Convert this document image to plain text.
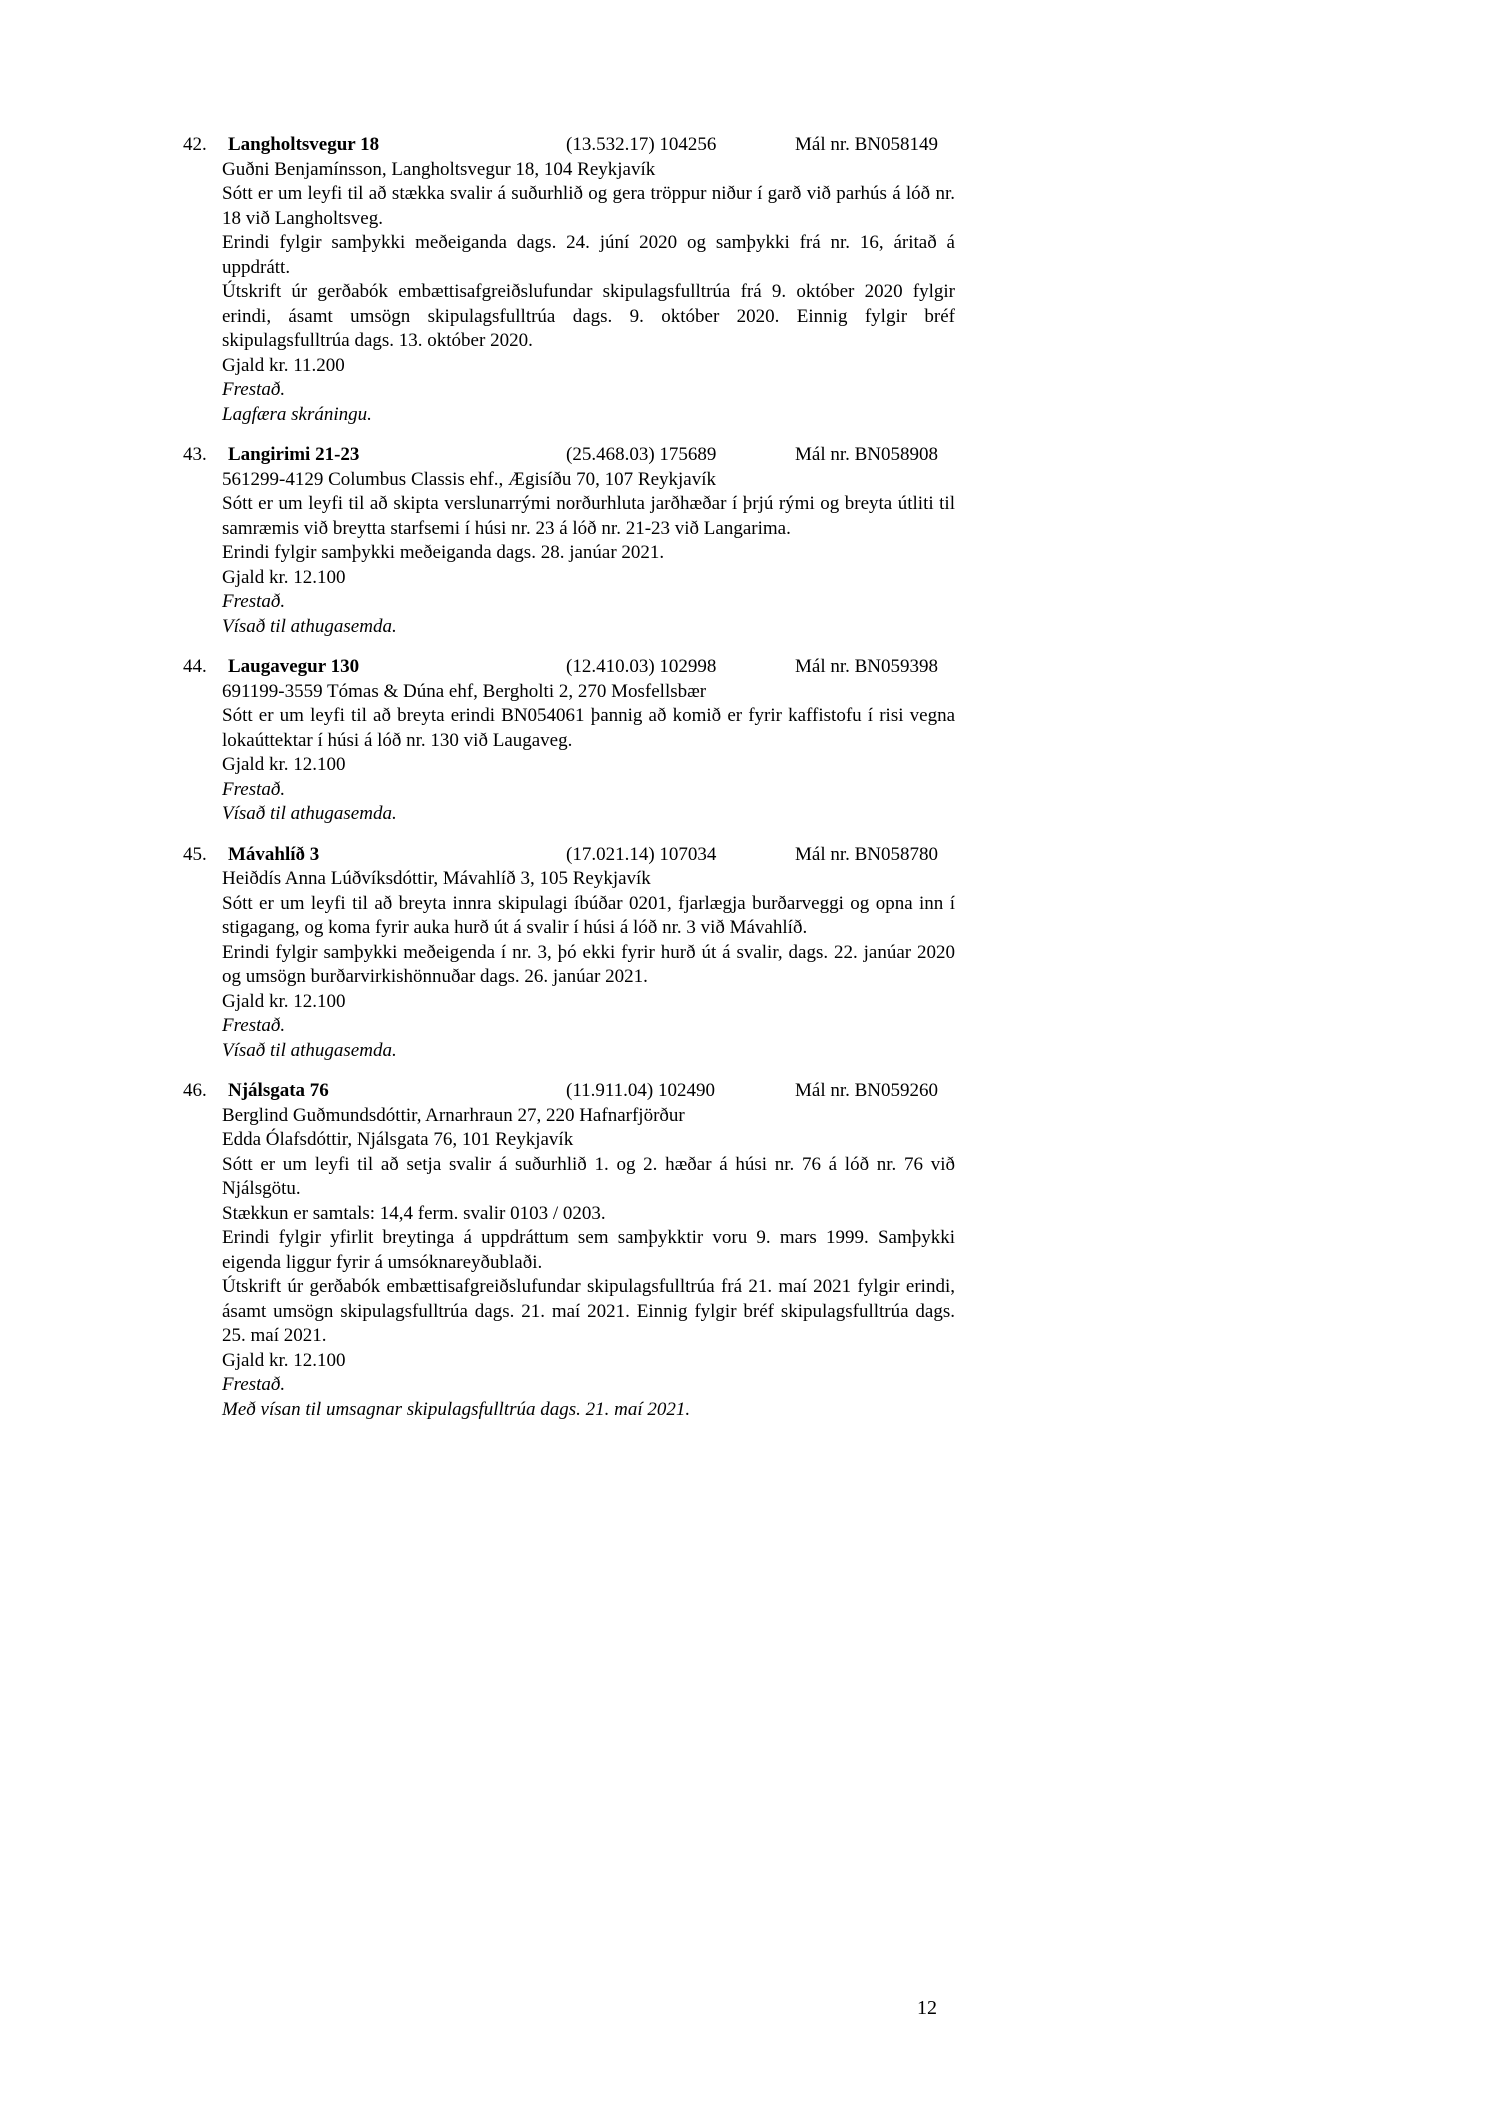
42. Langholtsvegur 18	(13.532.17) 104256	Mál nr. BN058149

Guðni Benjamínsson, Langholtsvegur 18, 104 Reykjavík

Sótt er um leyfi til að stækka svalir á suðurhlið og gera tröppur niður í garð við parhús á lóð nr. 18 við Langholtsveg.

Erindi fylgir samþykki meðeiganda dags. 24. júní 2020 og samþykki frá nr. 16, áritað á uppdrátt.

Útskrift úr gerðabók embættisafgreiðslufundar skipulagsfulltrúa frá 9. október 2020 fylgir erindi, ásamt umsögn skipulagsfulltrúa dags. 9. október 2020. Einnig fylgir bréf skipulagsfulltrúa dags. 13. október 2020.

Gjald kr. 11.200

Frestað.

Lagfæra skráningu.

43. Langirimi 21-23	(25.468.03) 175689	Mál nr. BN058908

561299-4129 Columbus Classis ehf., Ægisíðu 70, 107 Reykjavík

Sótt er um leyfi til að skipta verslunarrými norðurhluta jarðhæðar í þrjú rými og breyta útliti til samræmis við breytta starfsemi í húsi nr. 23 á lóð nr. 21-23 við Langarima.

Erindi fylgir samþykki meðeiganda dags. 28. janúar 2021.

Gjald kr. 12.100

Frestað.

Vísað til athugasemda.

44. Laugavegur 130	(12.410.03) 102998	Mál nr. BN059398

691199-3559 Tómas & Dúna ehf, Bergholti 2, 270 Mosfellsbær

Sótt er um leyfi til að breyta erindi BN054061 þannig að komið er fyrir kaffistofu í risi vegna lokaúttektar í húsi á lóð nr. 130 við Laugaveg.

Gjald kr. 12.100

Frestað.

Vísað til athugasemda.

45. Mávahlíð 3	(17.021.14) 107034	Mál nr. BN058780

Heiðdís Anna Lúðvíksdóttir, Mávahlíð 3, 105 Reykjavík

Sótt er um leyfi til að breyta innra skipulagi íbúðar 0201, fjarlægja burðarveggi og opna inn í stigagang, og koma fyrir auka hurð út á svalir í húsi á lóð nr. 3 við Mávahlíð.

Erindi fylgir samþykki meðeigenda í nr. 3, þó ekki fyrir hurð út á svalir, dags. 22. janúar 2020 og umsögn burðarvirkishönnuðar dags. 26. janúar 2021.

Gjald kr. 12.100

Frestað.

Vísað til athugasemda.

46. Njálsgata 76	(11.911.04) 102490	Mál nr. BN059260

Berglind Guðmundsdóttir, Arnarhraun 27, 220 Hafnarfjörður

Edda Ólafsdóttir, Njálsgata 76, 101 Reykjavík

Sótt er um leyfi til að setja svalir á suðurhlið 1. og 2. hæðar á húsi nr. 76 á lóð nr. 76 við Njálsgötu.

Stækkun er samtals: 14,4 ferm. svalir 0103 / 0203.

Erindi fylgir yfirlit breytinga á uppdráttum sem samþykktir voru 9. mars 1999. Samþykki eigenda liggur fyrir á umsóknareyðublaði.

Útskrift úr gerðabók embættisafgreiðslufundar skipulagsfulltrúa frá 21. maí 2021 fylgir erindi, ásamt umsögn skipulagsfulltrúa dags. 21. maí 2021. Einnig fylgir bréf skipulagsfulltrúa dags. 25. maí 2021.

Gjald kr. 12.100

Frestað.

Með vísan til umsagnar skipulagsfulltrúa dags. 21. maí 2021.

12
